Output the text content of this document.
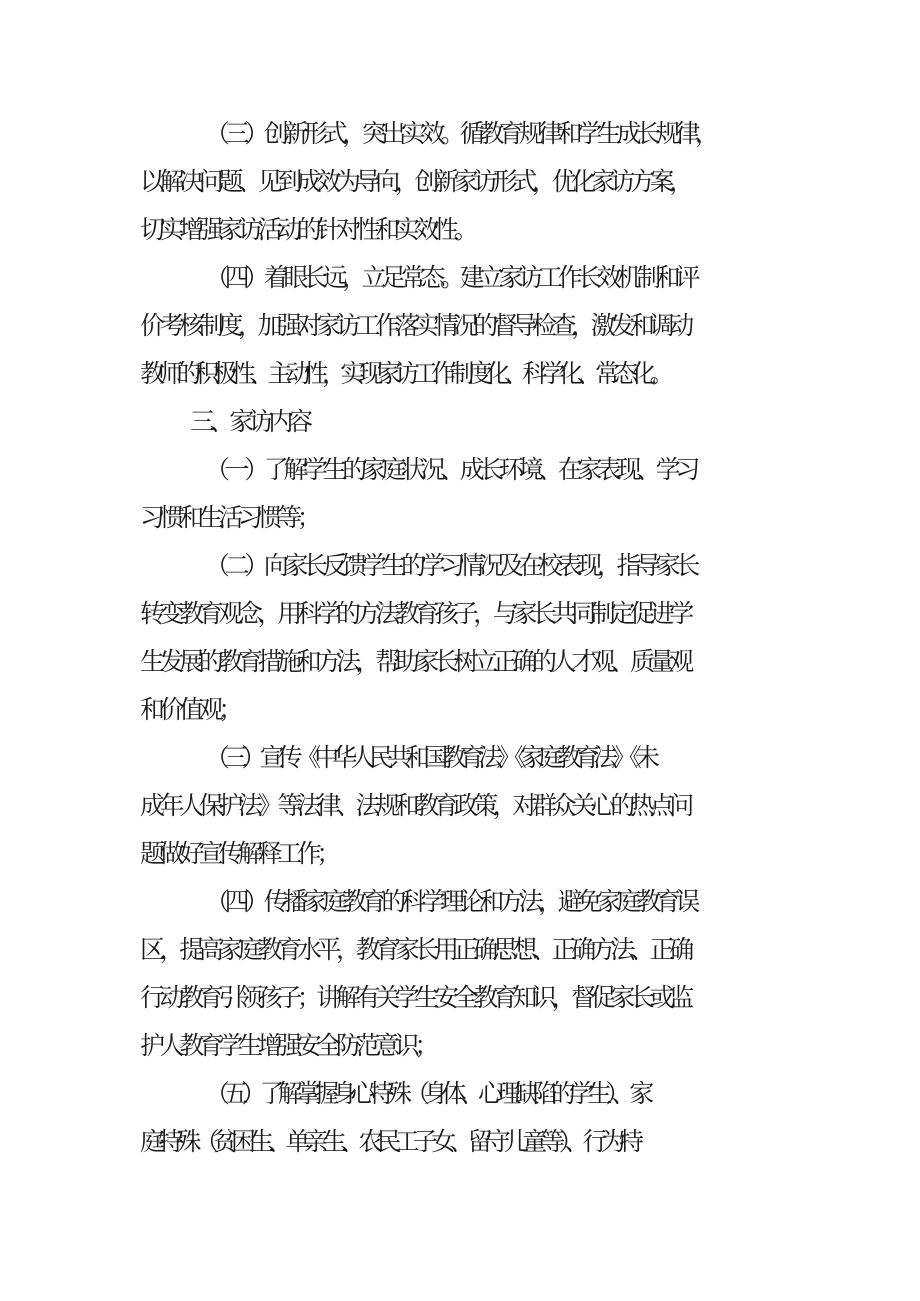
（三）创新形式，突出实效。循教育规律和学生成长规律，
以解决问题、见到成效为导向，创新家访形式，优化家访方案，
切实增强家访活动的针对性和实效性。
（四）着眼长远，立足常态。建立家访工作长效机制和评
价考核制度，加强对家访工作落实情况的督导检查，激发和调动
教师的积极性、主动性，实现家访工作制度化、科学化、常态化。
三、家访内容
（一）了解学生的家庭状况、成长环境、在家表现、学习
习惯和生活习惯等；
（二）向家长反馈学生的学习情况及在校表现，指导家长
转变教育观念，用科学的方法教育孩子，与家长共同制定促进学
生发展的教育措施和方法，帮助家长树立正确的人才观、质量观
和价值观；
（三）宣传《中华人民共和国教育法》《家庭教育法》《未
成年人保护法》等法律、法规和教育政策，对群众关心的热点问
题做好宣传解释工作；
（四）传播家庭教育的科学理论和方法，避免家庭教育误
区，提高家庭教育水平，教育家长用正确思想、正确方法、正确
行动教育引领孩子；讲解有关学生安全教育知识，督促家长或监
护人教育学生增强安全防范意识；
（五）了解掌握身心特殊（身体、心理缺陷的学生）、家
庭特殊（贫困生、单亲生、农民工子女、留守儿童等）、行为特
